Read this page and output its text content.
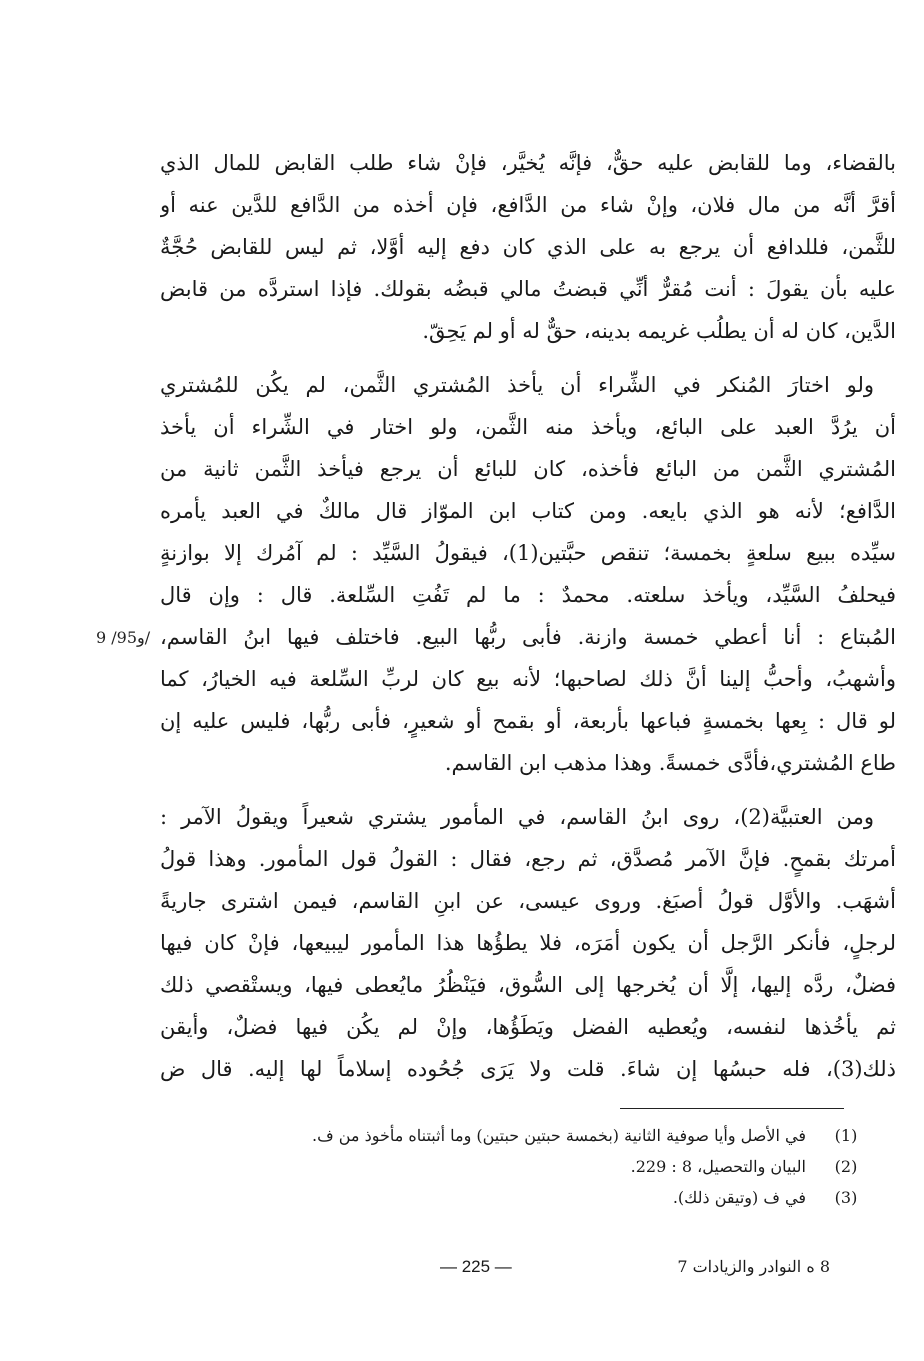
بالقضاء، وما للقابض عليه حقٌّ، فإنَّه يُخيَّر، فإنْ شاء طلب القابض للمال الذي
أقرَّ أنَّه من مال فلان، وإنْ شاء من الدَّافع، فإن أخذه من الدَّافع للدَّين عنه أو
للثَّمن، فللدافع أن يرجع به على الذي كان دفع إليه أوَّلا، ثم ليس للقابض حُجَّةٌ
عليه بأن يقولَ : أنت مُقرٌّ أنِّي قبضتُ مالي قبضُه بقولك. فإذا استردَّه من قابض
الدَّين، كان له أن يطلُب غريمه بدينه، حقٌّ له أو لم يَحِقّ.

ولو اختارَ المُنكر في الشِّراء أن يأخذ المُشتري الثَّمن، لم يكُن للمُشتري
أن يرُدَّ العبد على البائع، ويأخذ منه الثَّمن، ولو اختار في الشِّراء أن يأخذ
المُشتري الثَّمن من البائع فأخذه، كان للبائع أن يرجع فيأخذ الثَّمن ثانية من
الدَّافع؛ لأنه هو الذي بايعه. ومن كتاب ابن الموّاز قال مالكٌ في العبد يأمره
سيِّده ببيع سلعةٍ بخمسة؛ تنقص حبَّتين(1)، فيقولُ السَّيِّد : لم آمُرك إلا بوازنةٍ
فيحلفُ السَّيِّد، ويأخذ سلعته. محمدٌ : ما لم تَفُتِ السِّلعة. قال : وإن قال
المُبتاع : أنا أعطي خمسة وازنة. فأبى ربُّها البيع. فاختلف فيها ابنُ القاسم،
وأشهبُ، وأحبُّ إلينا أنَّ ذلك لصاحبها؛ لأنه بيع كان لربِّ السِّلعة فيه الخيارُ، كما
لو قال : بِعها بخمسةٍ فباعها بأربعة، أو بقمح أو شعيرٍ، فأبى ربُّها، فليس عليه إن
طاع المُشتري،فأدَّى خمسةً. وهذا مذهب ابن القاسم.

ومن العتبيَّة(2)، روى ابنُ القاسم، في المأمور يشتري شعيراً ويقولُ الآمر :
أمرتك بقمحٍ. فإنَّ الآمر مُصدَّق، ثم رجع، فقال : القولُ قول المأمور. وهذا قولُ
أشهَب. والأوَّل قولُ أصبَغ. وروى عيسى، عن ابنِ القاسم، فيمن اشترى جاريةً
لرجلٍ، فأنكر الرَّجل أن يكون أمَرَه، فلا يطؤُها هذا المأمور ليبيعها، فإنْ كان فيها
فضلٌ، ردَّه إليها، إلَّا أن يُخرجها إلى السُّوق، فيَنْظُرُ مايُعطى فيها، ويستْقصي ذلك
ثم يأخُذها لنفسه، ويُعطيه الفضل ويَطَؤُها، وإنْ لم يكُن فيها فضلٌ، وأيقن
ذلك(3)، فله حبسُها إن شاءَ. قلت ولا يَرَى جُحُوده إسلاماً لها إليه. قال ض

9 /95و/
(1)
في الأصل وأيا صوفية الثانية (بخمسة حبتين حبتين) وما أثبتناه مأخوذ من ف.
(2)
البيان والتحصيل، 8 : 229.
(3)
في ف (وتيقن ذلك).
— 225 —	8 ه النوادر والزيادات 7
